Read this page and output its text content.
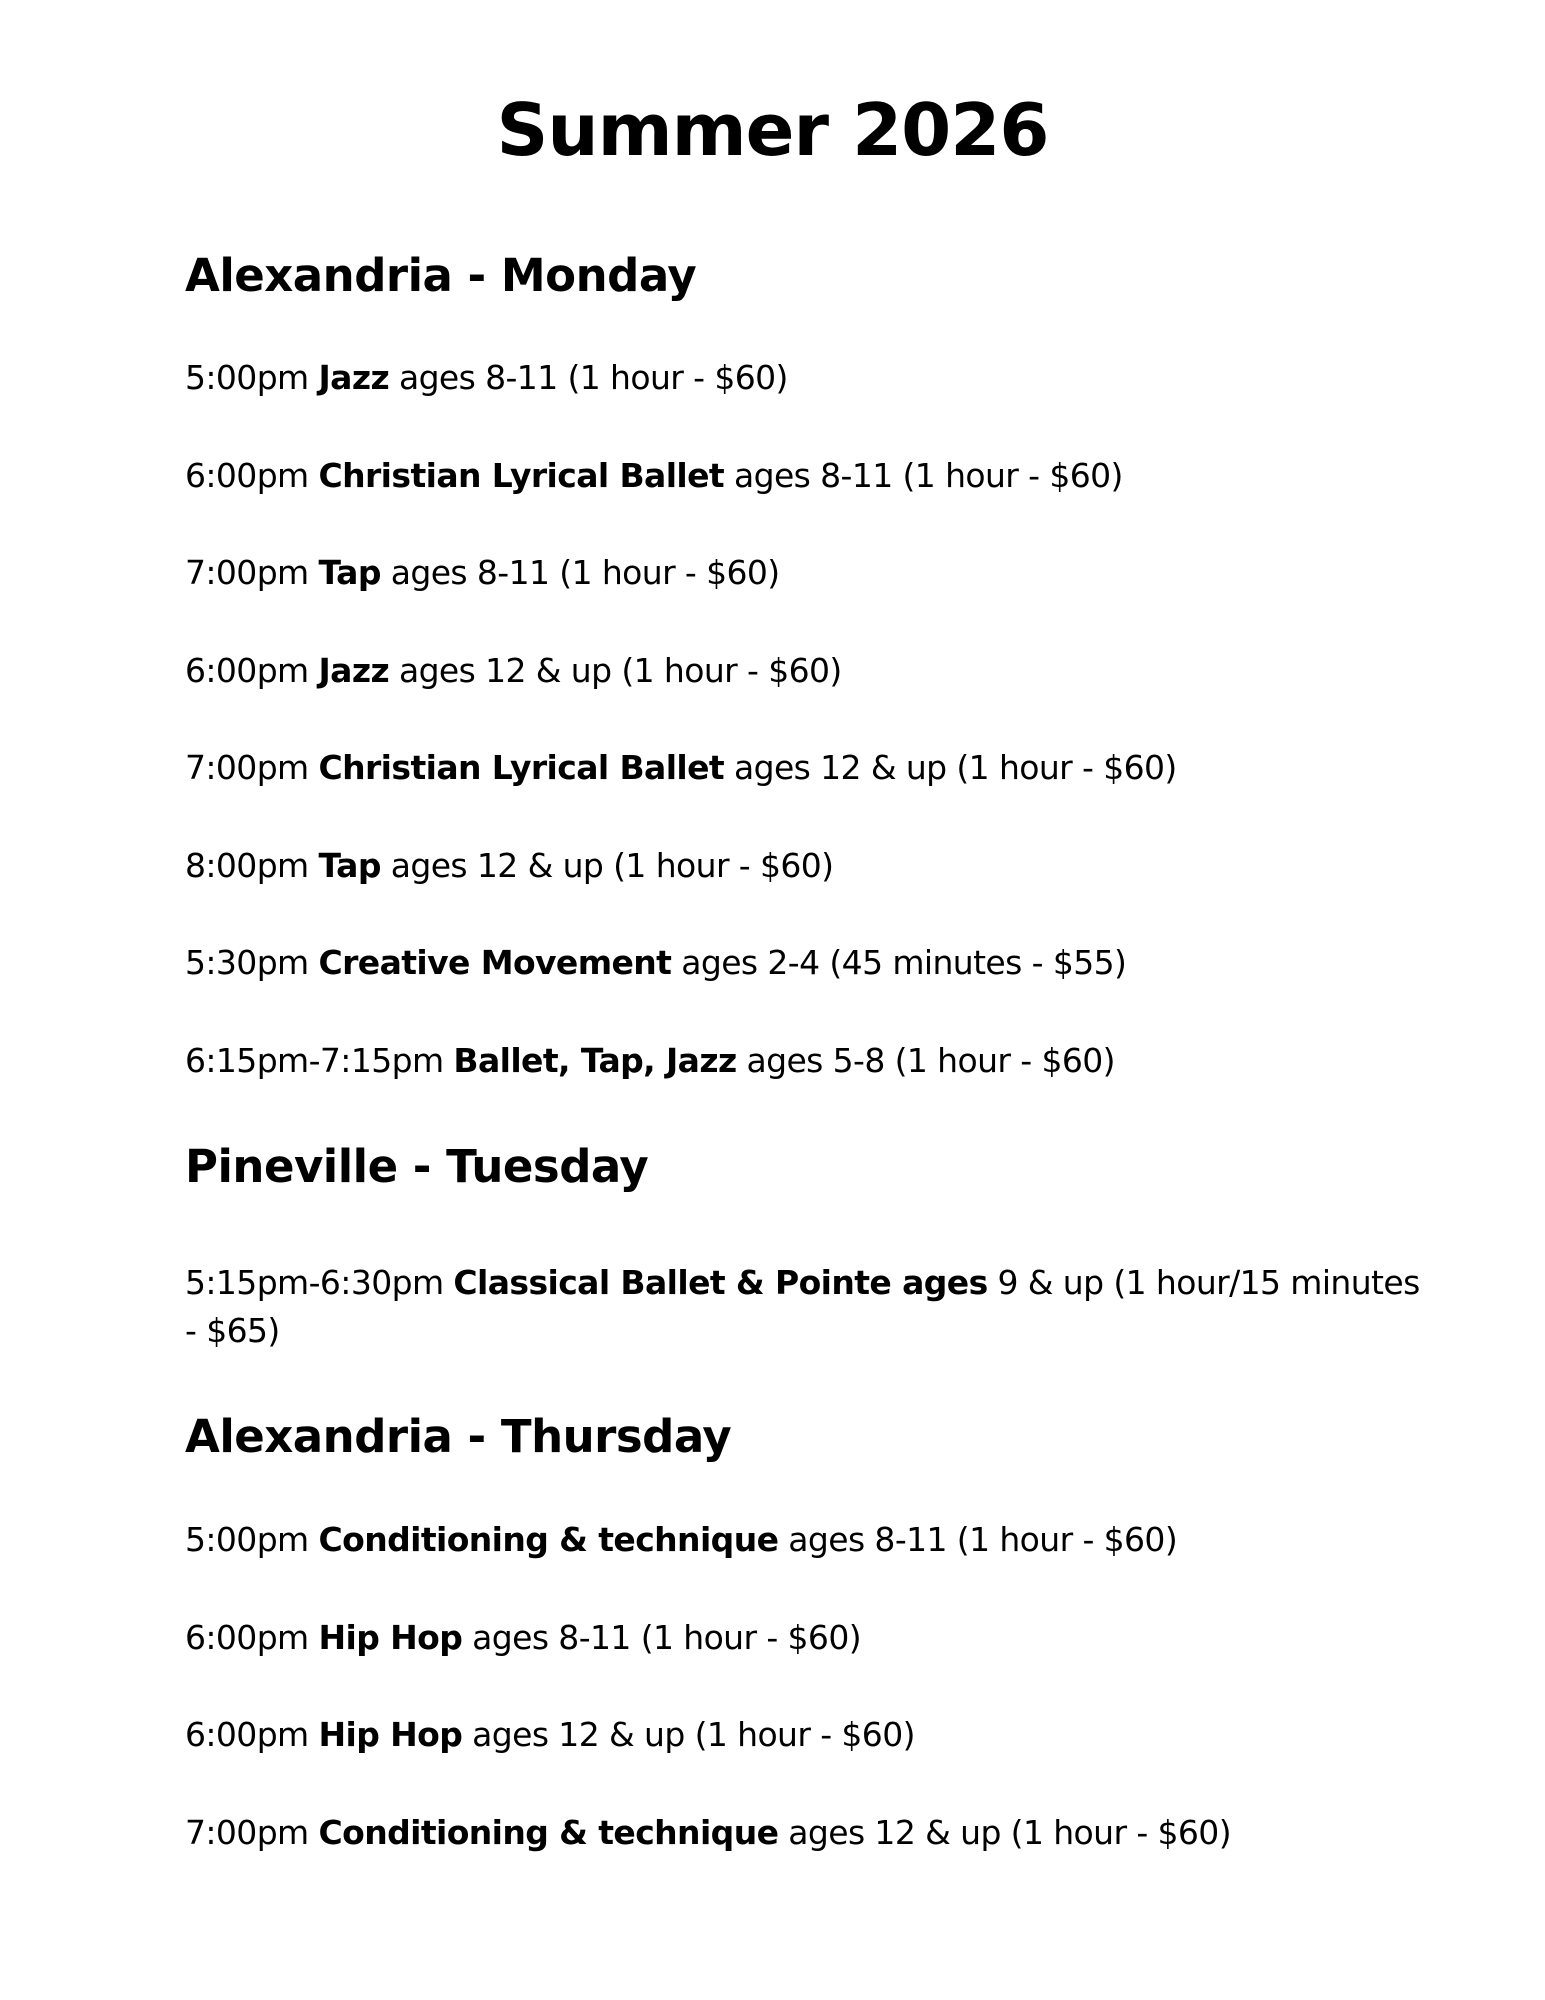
Summer 2026
Alexandria - Monday

5:00pm Jazz ages 8-11 (1 hour - $60)

6:00pm Christian Lyrical Ballet ages 8-11 (1 hour - $60)

7:00pm Tap ages 8-11 (1 hour - $60)

6:00pm Jazz ages 12 & up (1 hour - $60)

7:00pm Christian Lyrical Ballet ages 12 & up (1 hour - $60)

8:00pm Tap ages 12 & up (1 hour - $60)

5:30pm Creative Movement ages 2-4 (45 minutes - $55)

6:15pm-7:15pm Ballet, Tap, Jazz ages 5-8 (1 hour - $60)

Pineville - Tuesday

5:15pm-6:30pm Classical Ballet & Pointe ages 9 & up (1 hour/15 minutes - $65)

Alexandria - Thursday

5:00pm Conditioning & technique ages 8-11 (1 hour - $60)

6:00pm Hip Hop ages 8-11 (1 hour - $60)

6:00pm Hip Hop ages 12 & up (1 hour - $60)

7:00pm Conditioning & technique ages 12 & up (1 hour - $60)
